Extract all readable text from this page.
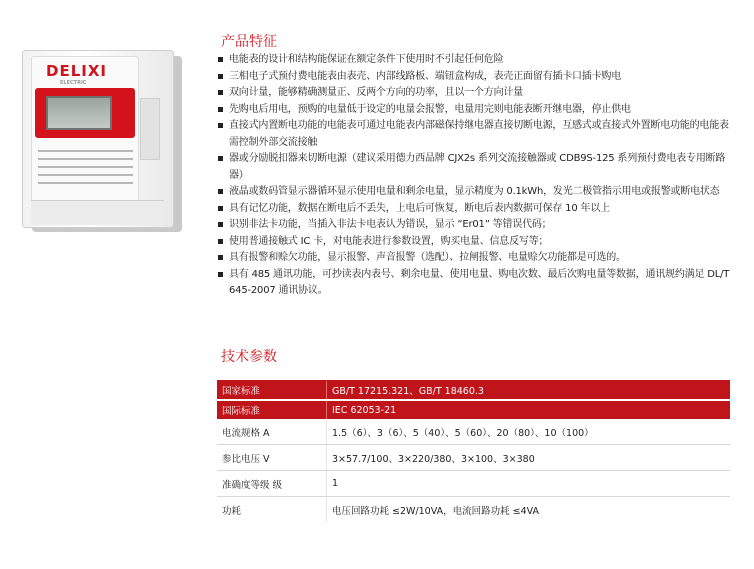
DELIXI
ELECTRIC
产品特征
电能表的设计和结构能保证在额定条件下使用时不引起任何危险
三相电子式预付费电能表由表壳、内部线路板、端钮盒构成，表壳正面留有插卡口插卡购电
双向计量，能够精确测量正、反两个方向的功率，且以一个方向计量
先购电后用电，预购的电量低于设定的电量会报警，电量用完则电能表断开继电器，停止供电
直接式内置断电功能的电能表可通过电能表内部磁保持继电器直接切断电源，互感式或直接式外置断电功能的电能表需控制外部交流接触
器或分励脱扣器来切断电源（建议采用德力西品牌 CJX2s 系列交流接触器或 CDB9S-125 系列预付费电表专用断路器）
液晶或数码管显示器循环显示使用电量和剩余电量，显示精度为 0.1kWh，发光二极管指示用电或报警或断电状态
具有记忆功能，数据在断电后不丢失，上电后可恢复，断电后表内数据可保存 10 年以上
识别非法卡功能，当插入非法卡电表认为错误，显示 “Er01” 等错误代码；
使用普通接触式 IC 卡，对电能表进行参数设置，购买电量、信息反写等；
具有报警和赊欠功能，显示报警、声音报警（选配）、拉闸报警、电量赊欠功能都是可选的。
具有 485 通讯功能，可抄读表内表号、剩余电量、使用电量、购电次数、最后次购电量等数据，通讯规约满足 DL/T 645-2007 通讯协议。
技术参数
国家标准	GB/T 17215.321、GB/T 18460.3

国际标准	IEC 62053-21
电流规格 A	1.5（6）、3（6）、5（40）、5（60）、20（80）、10（100）
参比电压 V	3×57.7/100、3×220/380、3×100、3×380
准确度等级 级	1
功耗	电压回路功耗 ≤2W/10VA，电流回路功耗 ≤4VA
